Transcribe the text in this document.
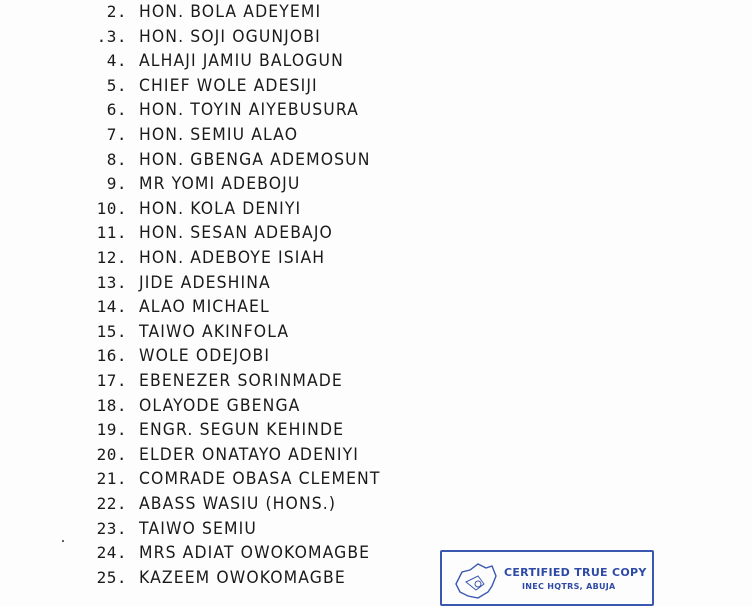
2. HON. BOLA ADEYEMI
.3. HON. SOJI OGUNJOBI
4. ALHAJI JAMIU BALOGUN
5. CHIEF WOLE ADESIJI
6. HON. TOYIN AIYEBUSURA
7. HON. SEMIU ALAO
8. HON. GBENGA ADEMOSUN
9. MR YOMI ADEBOJU
10. HON. KOLA DENIYI
11. HON. SESAN ADEBAJO
12. HON. ADEBOYE ISIAH
13. JIDE ADESHINA
14. ALAO MICHAEL
15. TAIWO AKINFOLA
16. WOLE ODEJOBI
17. EBENEZER SORINMADE
18. OLAYODE GBENGA
19. ENGR. SEGUN KEHINDE
20. ELDER ONATAYO ADENIYI
21. COMRADE OBASA CLEMENT
22. ABASS WASIU (HONS.)
23. TAIWO SEMIU
24. MRS ADIAT OWOKOMAGBE
25. KAZEEM OWOKOMAGBE	CERTIFIED TRUE COPY
INEC HQTRS, ABUJA
